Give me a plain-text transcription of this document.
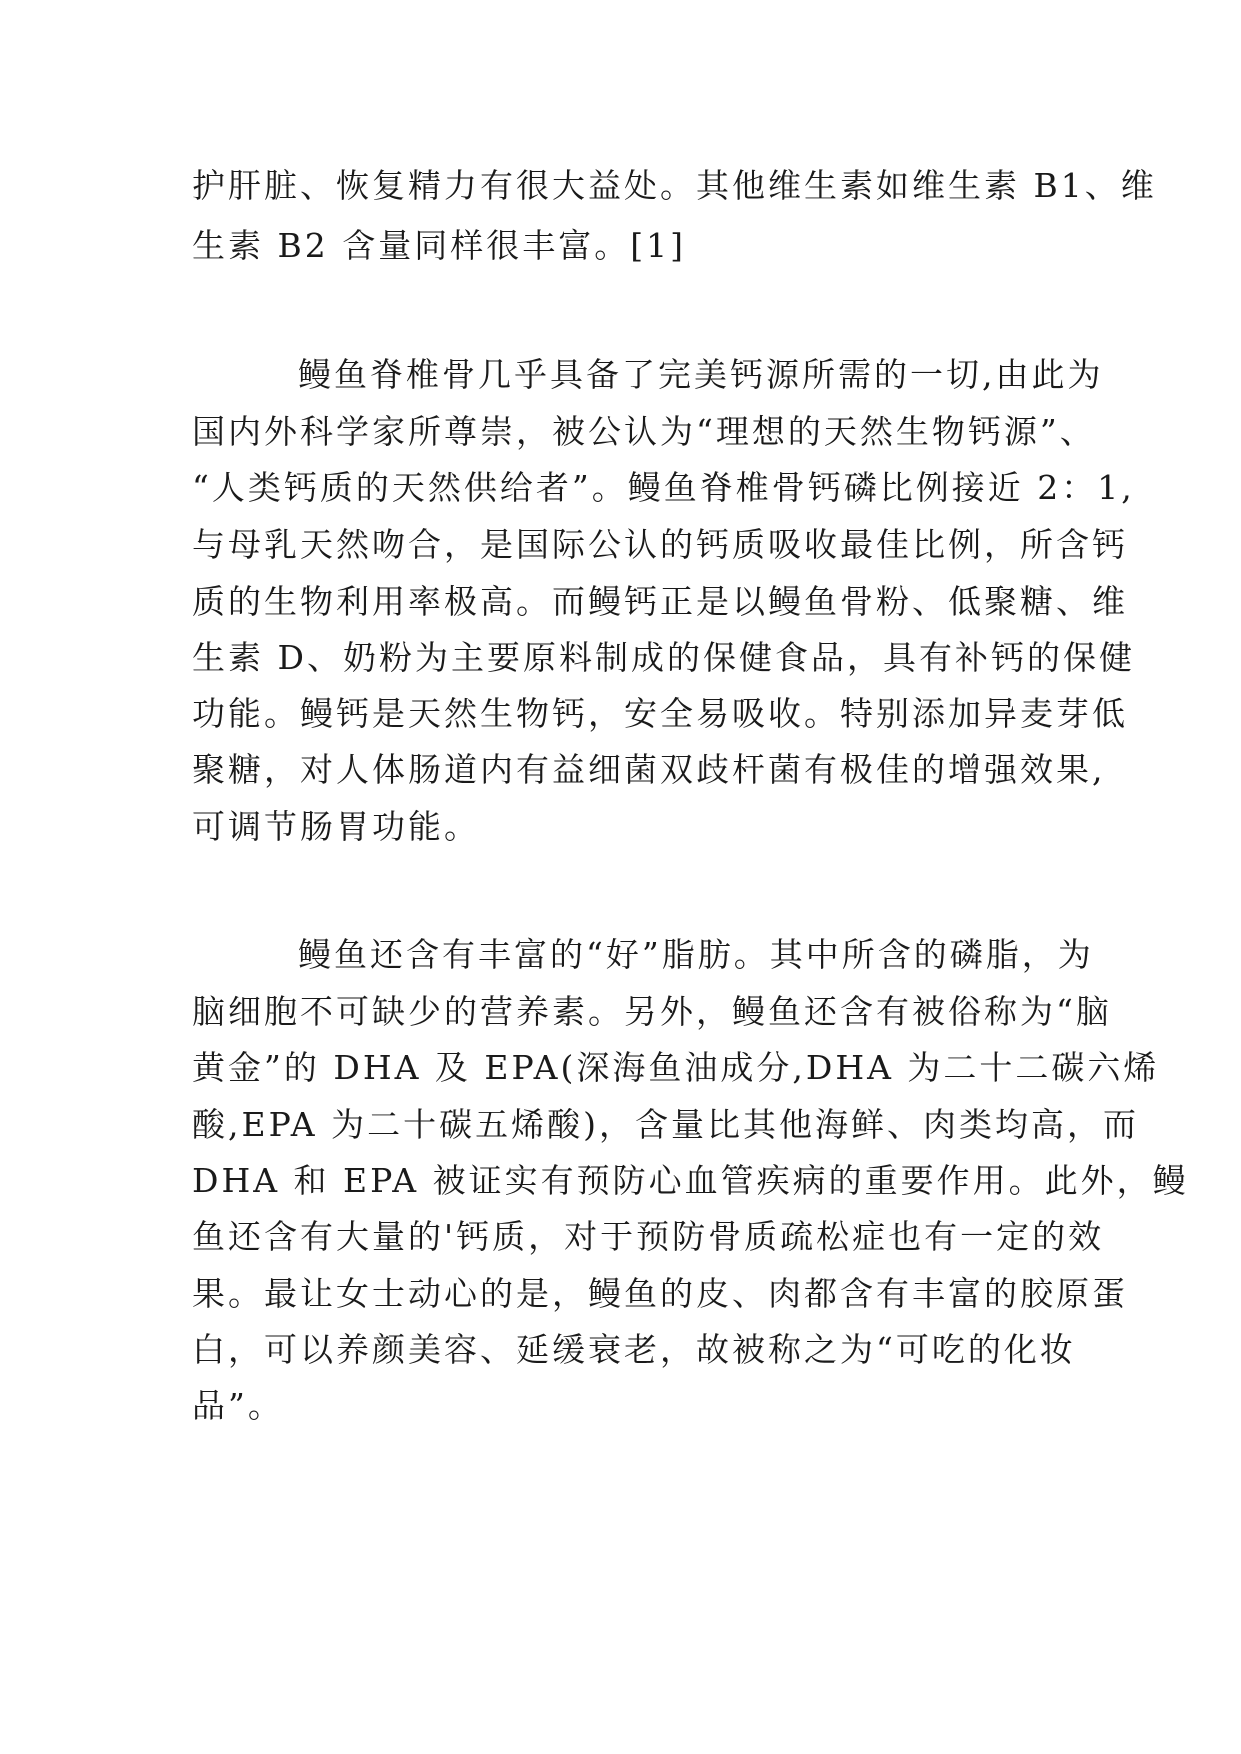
护肝脏、恢复精力有很大益处。其他维生素如维生素 B1、维
生素 B2 含量同样很丰富。[1]
鳗鱼脊椎骨几乎具备了完美钙源所需的一切,由此为
国内外科学家所尊崇，被公认为“理想的天然生物钙源”、
“人类钙质的天然供给者”。鳗鱼脊椎骨钙磷比例接近 2：1,
与母乳天然吻合，是国际公认的钙质吸收最佳比例，所含钙
质的生物利用率极高。而鳗钙正是以鳗鱼骨粉、低聚糖、维
生素 D、奶粉为主要原料制成的保健食品，具有补钙的保健
功能。鳗钙是天然生物钙，安全易吸收。特别添加异麦芽低
聚糖，对人体肠道内有益细菌双歧杆菌有极佳的增强效果,
可调节肠胃功能。
鳗鱼还含有丰富的“好”脂肪。其中所含的磷脂，为
脑细胞不可缺少的营养素。另外，鳗鱼还含有被俗称为“脑
黄金”的 DHA 及 EPA(深海鱼油成分,DHA 为二十二碳六烯
酸,EPA 为二十碳五烯酸)，含量比其他海鲜、肉类均高，而
DHA 和 EPA 被证实有预防心血管疾病的重要作用。此外，鳗
鱼还含有大量的'钙质，对于预防骨质疏松症也有一定的效
果。最让女士动心的是，鳗鱼的皮、肉都含有丰富的胶原蛋
白，可以养颜美容、延缓衰老，故被称之为“可吃的化妆
品”。
